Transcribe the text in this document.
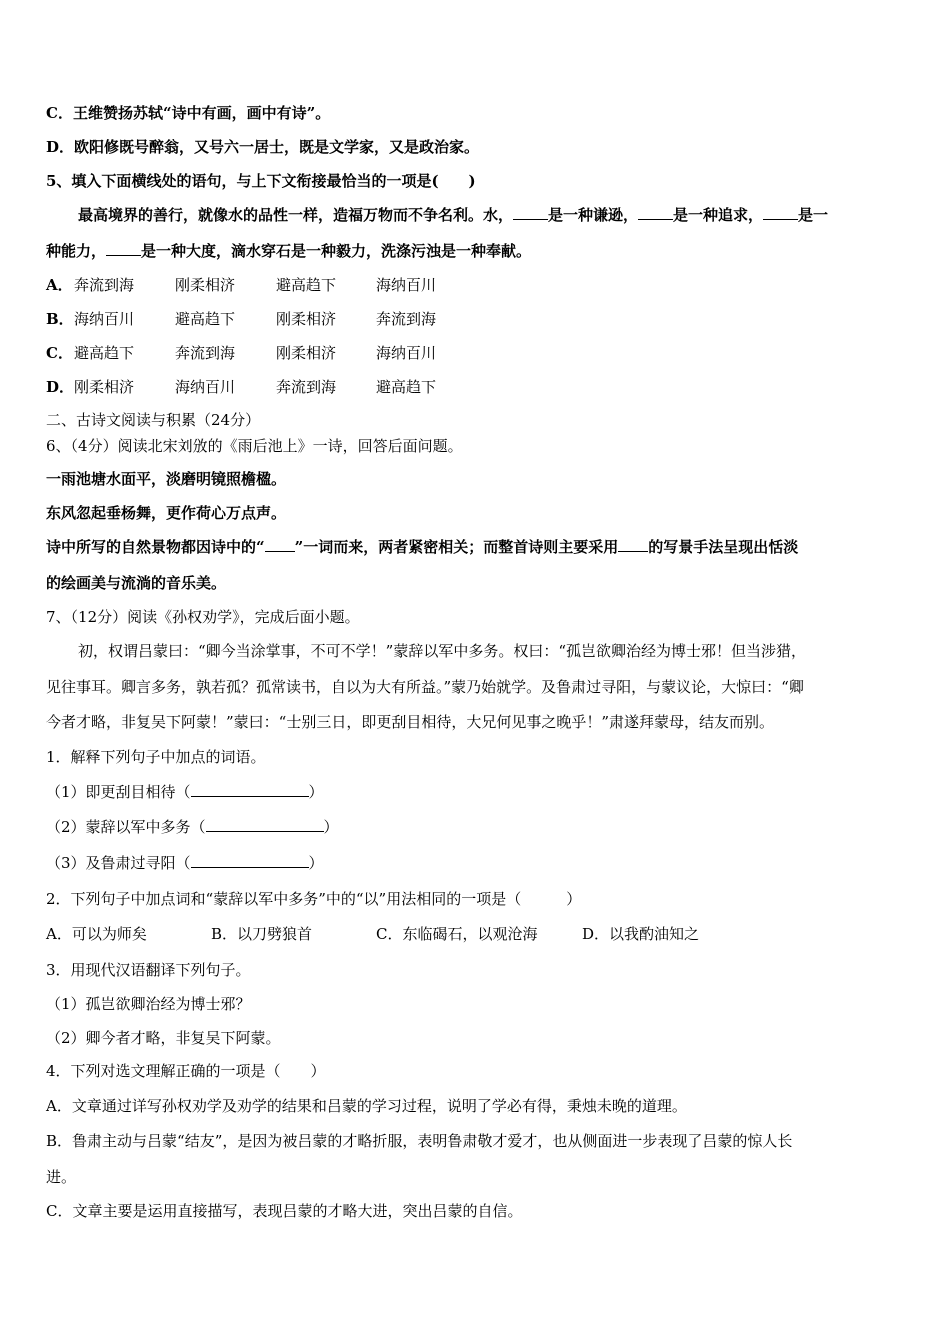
C．王维赞扬苏轼“诗中有画，画中有诗”。
D．欧阳修既号醉翁，又号六一居士，既是文学家，又是政治家。
5、填入下面横线处的语句，与上下文衔接最恰当的一项是(　　)
最高境界的善行，就像水的品性一样，造福万物而不争名利。水， 是一种谦逊， 是一种追求， 是一
种能力， 是一种大度，滴水穿石是一种毅力，洗涤污浊是一种奉献。
A． 奔流到海	刚柔相济	避高趋下	海纳百川
B． 海纳百川	避高趋下	刚柔相济	奔流到海
C． 避高趋下	奔流到海	刚柔相济	海纳百川
D． 刚柔相济	海纳百川	奔流到海	避高趋下
二、古诗文阅读与积累（24分）
6、（4分）阅读北宋刘攽的《雨后池上》一诗，回答后面问题。
一雨池塘水面平，淡磨明镜照檐楹。
东风忽起垂杨舞，更作荷心万点声。
诗中所写的自然景物都因诗中的“ ”一词而来，两者紧密相关；而整首诗则主要采用 的写景手法呈现出恬淡
的绘画美与流淌的音乐美。
7、（12分）阅读《孙权劝学》，完成后面小题。
初，权谓吕蒙曰：“卿今当涂掌事，不可不学！”蒙辞以军中多务。权曰：“孤岂欲卿治经为博士邪！但当涉猎，
见往事耳。卿言多务，孰若孤？孤常读书，自以为大有所益。”蒙乃始就学。及鲁肃过寻阳，与蒙议论，大惊曰：“卿
今者才略，非复吴下阿蒙！”蒙曰：“士别三日，即更刮目相待，大兄何见事之晚乎！”肃遂拜蒙母，结友而别。
1．解释下列句子中加点的词语。
（1）即更刮目相待（	）
（2）蒙辞以军中多务（	）
（3）及鲁肃过寻阳（	）
2．下列句子中加点词和“蒙辞以军中多务”中的“以”用法相同的一项是（　　　）
A．可以为师矣	B．以刀劈狼首	C．东临碣石，以观沧海	D．以我酌油知之
3．用现代汉语翻译下列句子。
（1）孤岂欲卿治经为博士邪？
（2）卿今者才略，非复吴下阿蒙。
4．下列对选文理解正确的一项是（　　）
A．文章通过详写孙权劝学及劝学的结果和吕蒙的学习过程，说明了学必有得，秉烛未晚的道理。
B．鲁肃主动与吕蒙“结友”，是因为被吕蒙的才略折服，表明鲁肃敬才爱才，也从侧面进一步表现了吕蒙的惊人长
进。
C．文章主要是运用直接描写，表现吕蒙的才略大进，突出吕蒙的自信。
